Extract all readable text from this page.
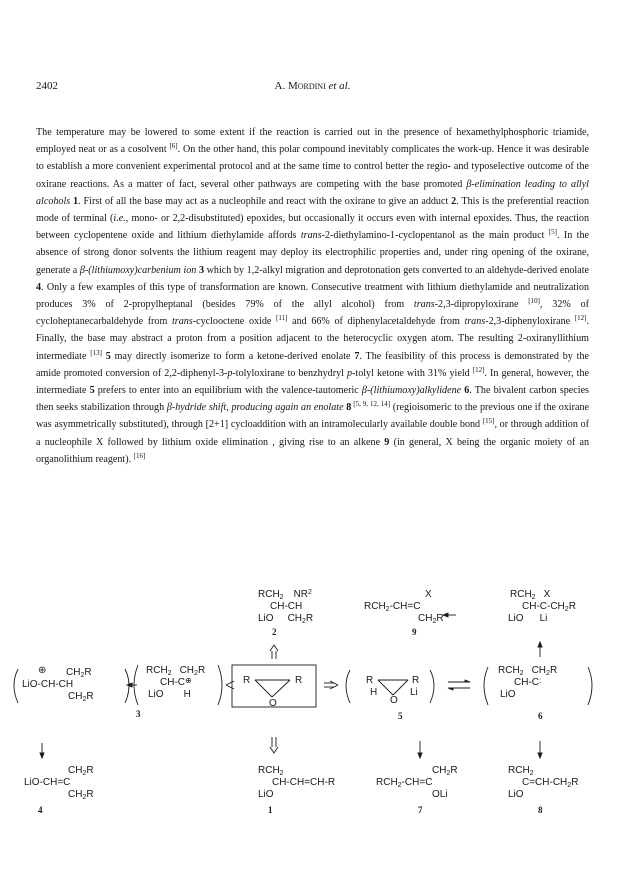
2402	A. Mordini et al.

The temperature may be lowered to some extent if the reaction is carried out in the presence of hexamethylphosphoric triamide, employed neat or as a cosolvent [6]. On the other hand, this polar compound inevitably complicates the work-up. Hence it was desirable to establish a more convenient experimental protocol and at the same time to control better the regio- and typoselective outcome of the oxirane reactions. As a matter of fact, several other pathways are competing with the base promoted β-elimination leading to allyl alcohols 1. First of all the base may act as a nucleophile and react with the oxirane to give an adduct 2. This is the preferential reaction mode of terminal (i.e., mono- or 2,2-disubstituted) epoxides, but occasionally it occurs even with internal epoxides. Thus, the reaction between cyclopentene oxide and lithium diethylamide affords trans-2-diethylamino-1-cyclopentanol as the main product [5]. In the absence of strong donor solvents the lithium reagent may deploy its electrophilic properties and, under ring opening of the oxirane, generate a β-(lithiumoxy)carbenium ion 3 which by 1,2-alkyl migration and deprotonation gets converted to an aldehyde-derived enolate 4. Only a few examples of this type of transformation are known. Consecutive treatment with lithium diethylamide and neutralization produces 3% of 2-propylheptanal (besides 79% of the allyl alcohol) from trans-2,3-dipropyloxirane [10], 32% of cycloheptanecarbaldehyde from trans-cyclooctene oxide [11] and 66% of diphenylacetaldehyde from trans-2,3-diphenyloxirane [12]. Finally, the base may abstract a proton from a position adjacent to the heterocyclic oxygen atom. The resulting 2-oxiranyllithium intermediate [13] 5 may directly isomerize to form a ketone-derived enolate 7. The feasibility of this process is demonstrated by the amide promoted conversion of 2,2-diphenyl-3-p-tolyloxirane to benzhydryl p-tolyl ketone with 31% yield [12]. In general, however, the intermediate 5 prefers to enter into an equilibrium with the valence-tautomeric β-(lithiumoxy)alkylidene 6. The bivalent carbon species then seeks stabilization through β-hydride shift, producing again an enolate 8 [5, 9, 12, 14] (regioisomeric to the previous one if the oxirane was asymmetrically substituted), through [2+1] cycloaddition with an intramolecularly available double bond [15], or through addition of a nucleophile X followed by lithium oxide elimination , giving rise to an alkene 9 (in general, X being the organic moiety of an organolithium reagent). [16]

$RCH_2$ $NR^2$
CH-CH
LiO $CH_2R$
2
X
$RCH_2-CH=C$
$CH_2R$
9
$RCH_2$ X
$CH-C-CH_2R$
LiO Li
⊕ $CH_2R$
LiO-CH-CH
$CH_2R$
$RCH_2$ $CH_2R$
CH-C⊕
LiO H
3
R	R
O
R	R
H
O
Li
5
$RCH_2$ $CH_2R$
CH-C:
LiO
6
$CH_2R$
LiO-CH=C
$CH_2R$
4
$RCH_2$
CH-CH=CH-R
LiO
1
$CH_2R$
$RCH_2-CH=C$
OLi
7
$RCH_2$
$C=CH-CH_2R$
LiO
8
